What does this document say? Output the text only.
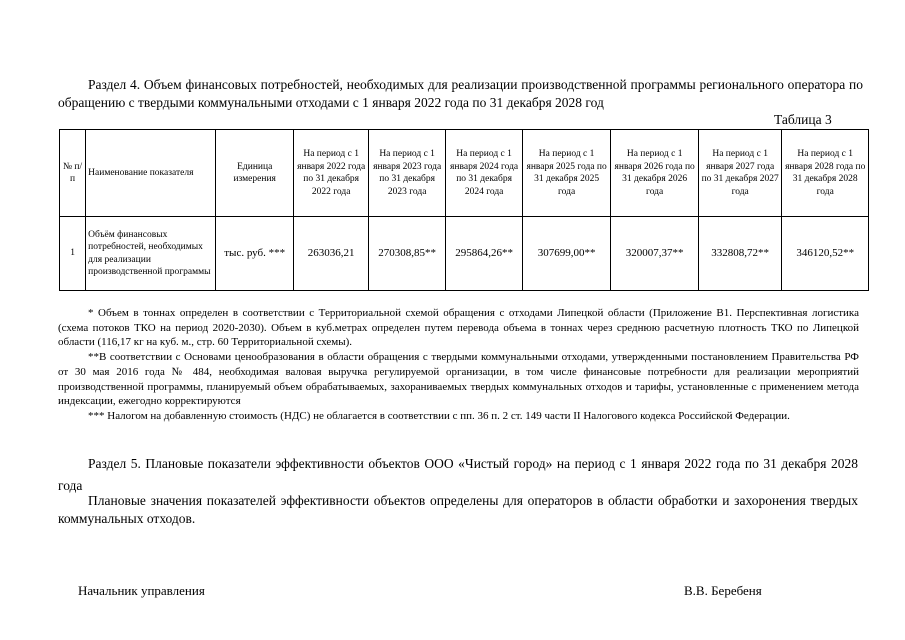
Раздел 4. Объем финансовых потребностей, необходимых для реализации производственной программы регионального оператора по обращению с твердыми коммунальными отходами с 1 января 2022 года по 31 декабря 2028 год
Таблица 3
№ п/п	Наименование показателя	Единица измерения	На период с 1 января 2022 года по 31 декабря 2022 года	На период с 1 января 2023 года по 31 декабря 2023 года	На период с 1 января 2024 года по 31 декабря 2024 года	На период с 1 января 2025 года по 31 декабря 2025 года	На период с 1 января 2026 года по 31 декабря 2026 года	На период с 1 января 2027 года по 31 декабря 2027 года	На период с 1 января 2028 года по 31 декабря 2028 года
1	Объём финансовых потребностей, необходимых для реализации производственной программы	тыс. руб. ***	263036,21	270308,85**	295864,26**	307699,00**	320007,37**	332808,72**	346120,52**

* Объем в тоннах определен в соответствии с Территориальной схемой обращения с отходами Липецкой области (Приложение В1. Перспективная логистика (схема потоков ТКО на период 2020-2030). Объем в куб.метрах определен путем перевода объема в тоннах через среднюю расчетную плотность ТКО по Липецкой области (116,17 кг на куб. м., стр. 60 Территориальной схемы).

**В соответствии с Основами ценообразования в области обращения с твердыми коммунальными отходами, утвержденными постановлением Правительства РФ от 30 мая 2016 года № 484, необходимая валовая выручка регулируемой организации, в том числе финансовые потребности для реализации мероприятий производственной программы, планируемый объем обрабатываемых, захораниваемых твердых коммунальных отходов и тарифы, установленные с применением метода индексации, ежегодно корректируются

*** Налогом на добавленную стоимость (НДС) не облагается в соответствии с пп. 36 п. 2 ст. 149 части II Налогового кодекса Российской Федерации.

Раздел 5. Плановые показатели эффективности объектов ООО «Чистый город» на период с 1 января 2022 года по 31 декабря 2028 года
Плановые значения показателей эффективности объектов определены для операторов в области обработки и захоронения твердых коммунальных отходов.
Начальник управления	В.В. Беребеня
